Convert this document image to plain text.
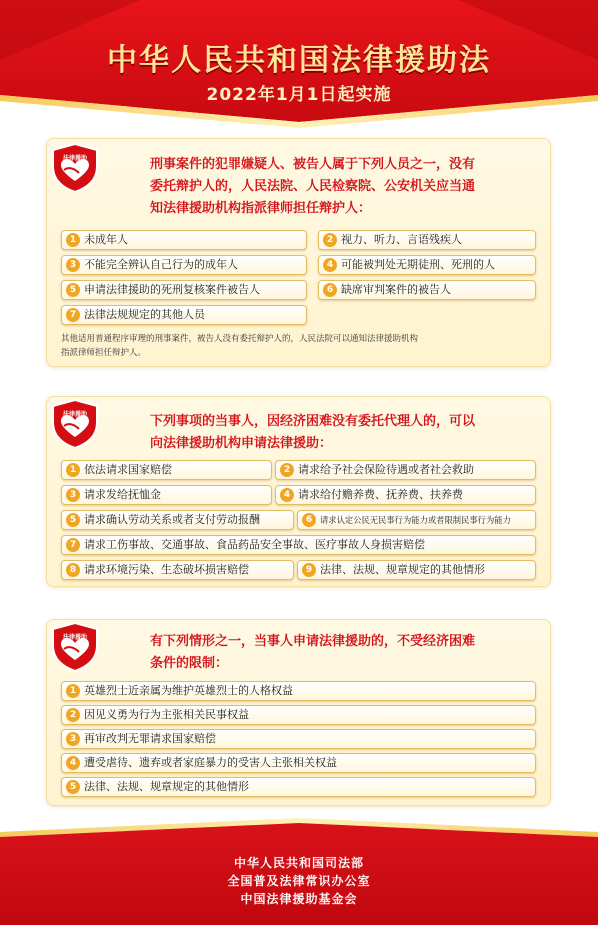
中华人民共和国法律援助法
2022年1月1日起实施
法律援助	刑事案件的犯罪嫌疑人、被告人属于下列人员之一，没有
委托辩护人的，人民法院、人民检察院、公安机关应当通
知法律援助机构指派律师担任辩护人：
1 未成年人	2 视力、听力、言语残疾人
3 不能完全辨认自己行为的成年人	4 可能被判处无期徒刑、死刑的人
5 申请法律援助的死刑复核案件被告人	6 缺席审判案件的被告人
7 法律法规规定的其他人员
其他适用普通程序审理的刑事案件，被告人没有委托辩护人的，人民法院可以通知法律援助机构
指派律师担任辩护人。
法律援助	下列事项的当事人，因经济困难没有委托代理人的，可以
向法律援助机构申请法律援助：
1 依法请求国家赔偿	2 请求给予社会保险待遇或者社会救助
3 请求发给抚恤金	4 请求给付赡养费、抚养费、扶养费
5 请求确认劳动关系或者支付劳动报酬	6 请求认定公民无民事行为能力或者限制民事行为能力
7 请求工伤事故、交通事故、食品药品安全事故、医疗事故人身损害赔偿
8 请求环境污染、生态破坏损害赔偿	9 法律、法规、规章规定的其他情形
法律援助	有下列情形之一，当事人申请法律援助的，不受经济困难
条件的限制：
1 英雄烈士近亲属为维护英雄烈士的人格权益
2 因见义勇为行为主张相关民事权益
3 再审改判无罪请求国家赔偿
4 遭受虐待、遗弃或者家庭暴力的受害人主张相关权益
5 法律、法规、规章规定的其他情形
中华人民共和国司法部
全国普及法律常识办公室
中国法律援助基金会
